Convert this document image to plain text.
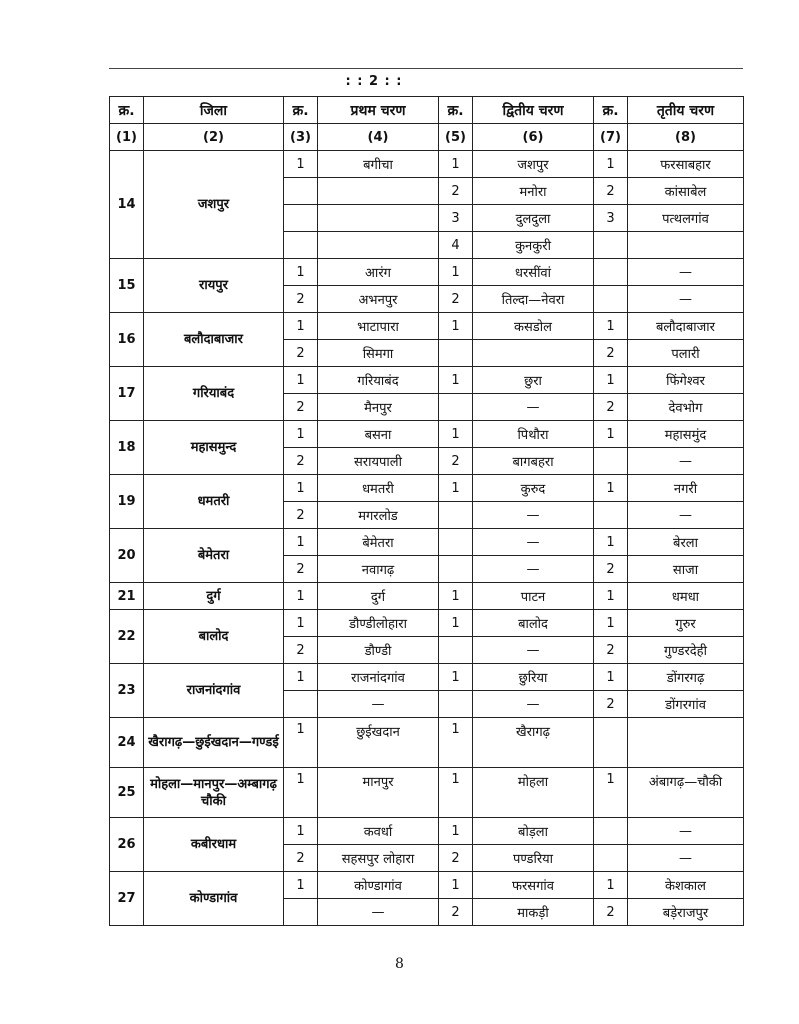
: : 2 : :
क्र.	जिला	क्र.	प्रथम चरण	क्र.	द्वितीय चरण	क्र.	तृतीय चरण
(1)	(2)	(3)	(4)	(5)	(6)	(7)	(8)
14	जशपुर	1	बगीचा	1	जशपुर	1	फरसाबहार
				2	मनोरा	2	कांसाबेल
				3	दुलदुला	3	पत्थलगांव
				4	कुनकुरी		
15	रायपुर	1	आरंग	1	धरसींवां		—
		2	अभनपुर	2	तिल्दा—नेवरा		—
16	बलौदाबाजार	1	भाटापारा	1	कसडोल	1	बलौदाबाजार
		2	सिमगा			2	पलारी
17	गरियाबंद	1	गरियाबंद	1	छुरा	1	फिंगेश्वर
		2	मैनपुर		—	2	देवभोग
18	महासमुन्द	1	बसना	1	पिथौरा	1	महासमुंद
		2	सरायपाली	2	बागबहरा		—
19	धमतरी	1	धमतरी	1	कुरुद	1	नगरी
		2	मगरलोड		—		—
20	बेमेतरा	1	बेमेतरा		—	1	बेरला
		2	नवागढ़		—	2	साजा
21	दुर्ग	1	दुर्ग	1	पाटन	1	धमधा
22	बालोद	1	डौण्डीलोहारा	1	बालोद	1	गुरुर
		2	डौण्डी		—	2	गुण्डरदेही
23	राजनांदगांव	1	राजनांदगांव	1	छुरिया	1	डोंगरगढ़
			—		—	2	डोंगरगांव
24	खैरागढ़—छुईखदान—गण्डई	1	छुईखदान	1	खैरागढ़		
25	मोहला—मानपुर—अम्बागढ़ चौकी	1	मानपुर	1	मोहला	1	अंबागढ़—चौकी
26	कबीरधाम	1	कवर्धा	1	बोड़ला		—
		2	सहसपुर लोहारा	2	पण्डरिया		—
27	कोण्डागांव	1	कोण्डागांव	1	फरसगांव	1	केशकाल
			—	2	माकड़ी	2	बड़ेराजपुर
8
